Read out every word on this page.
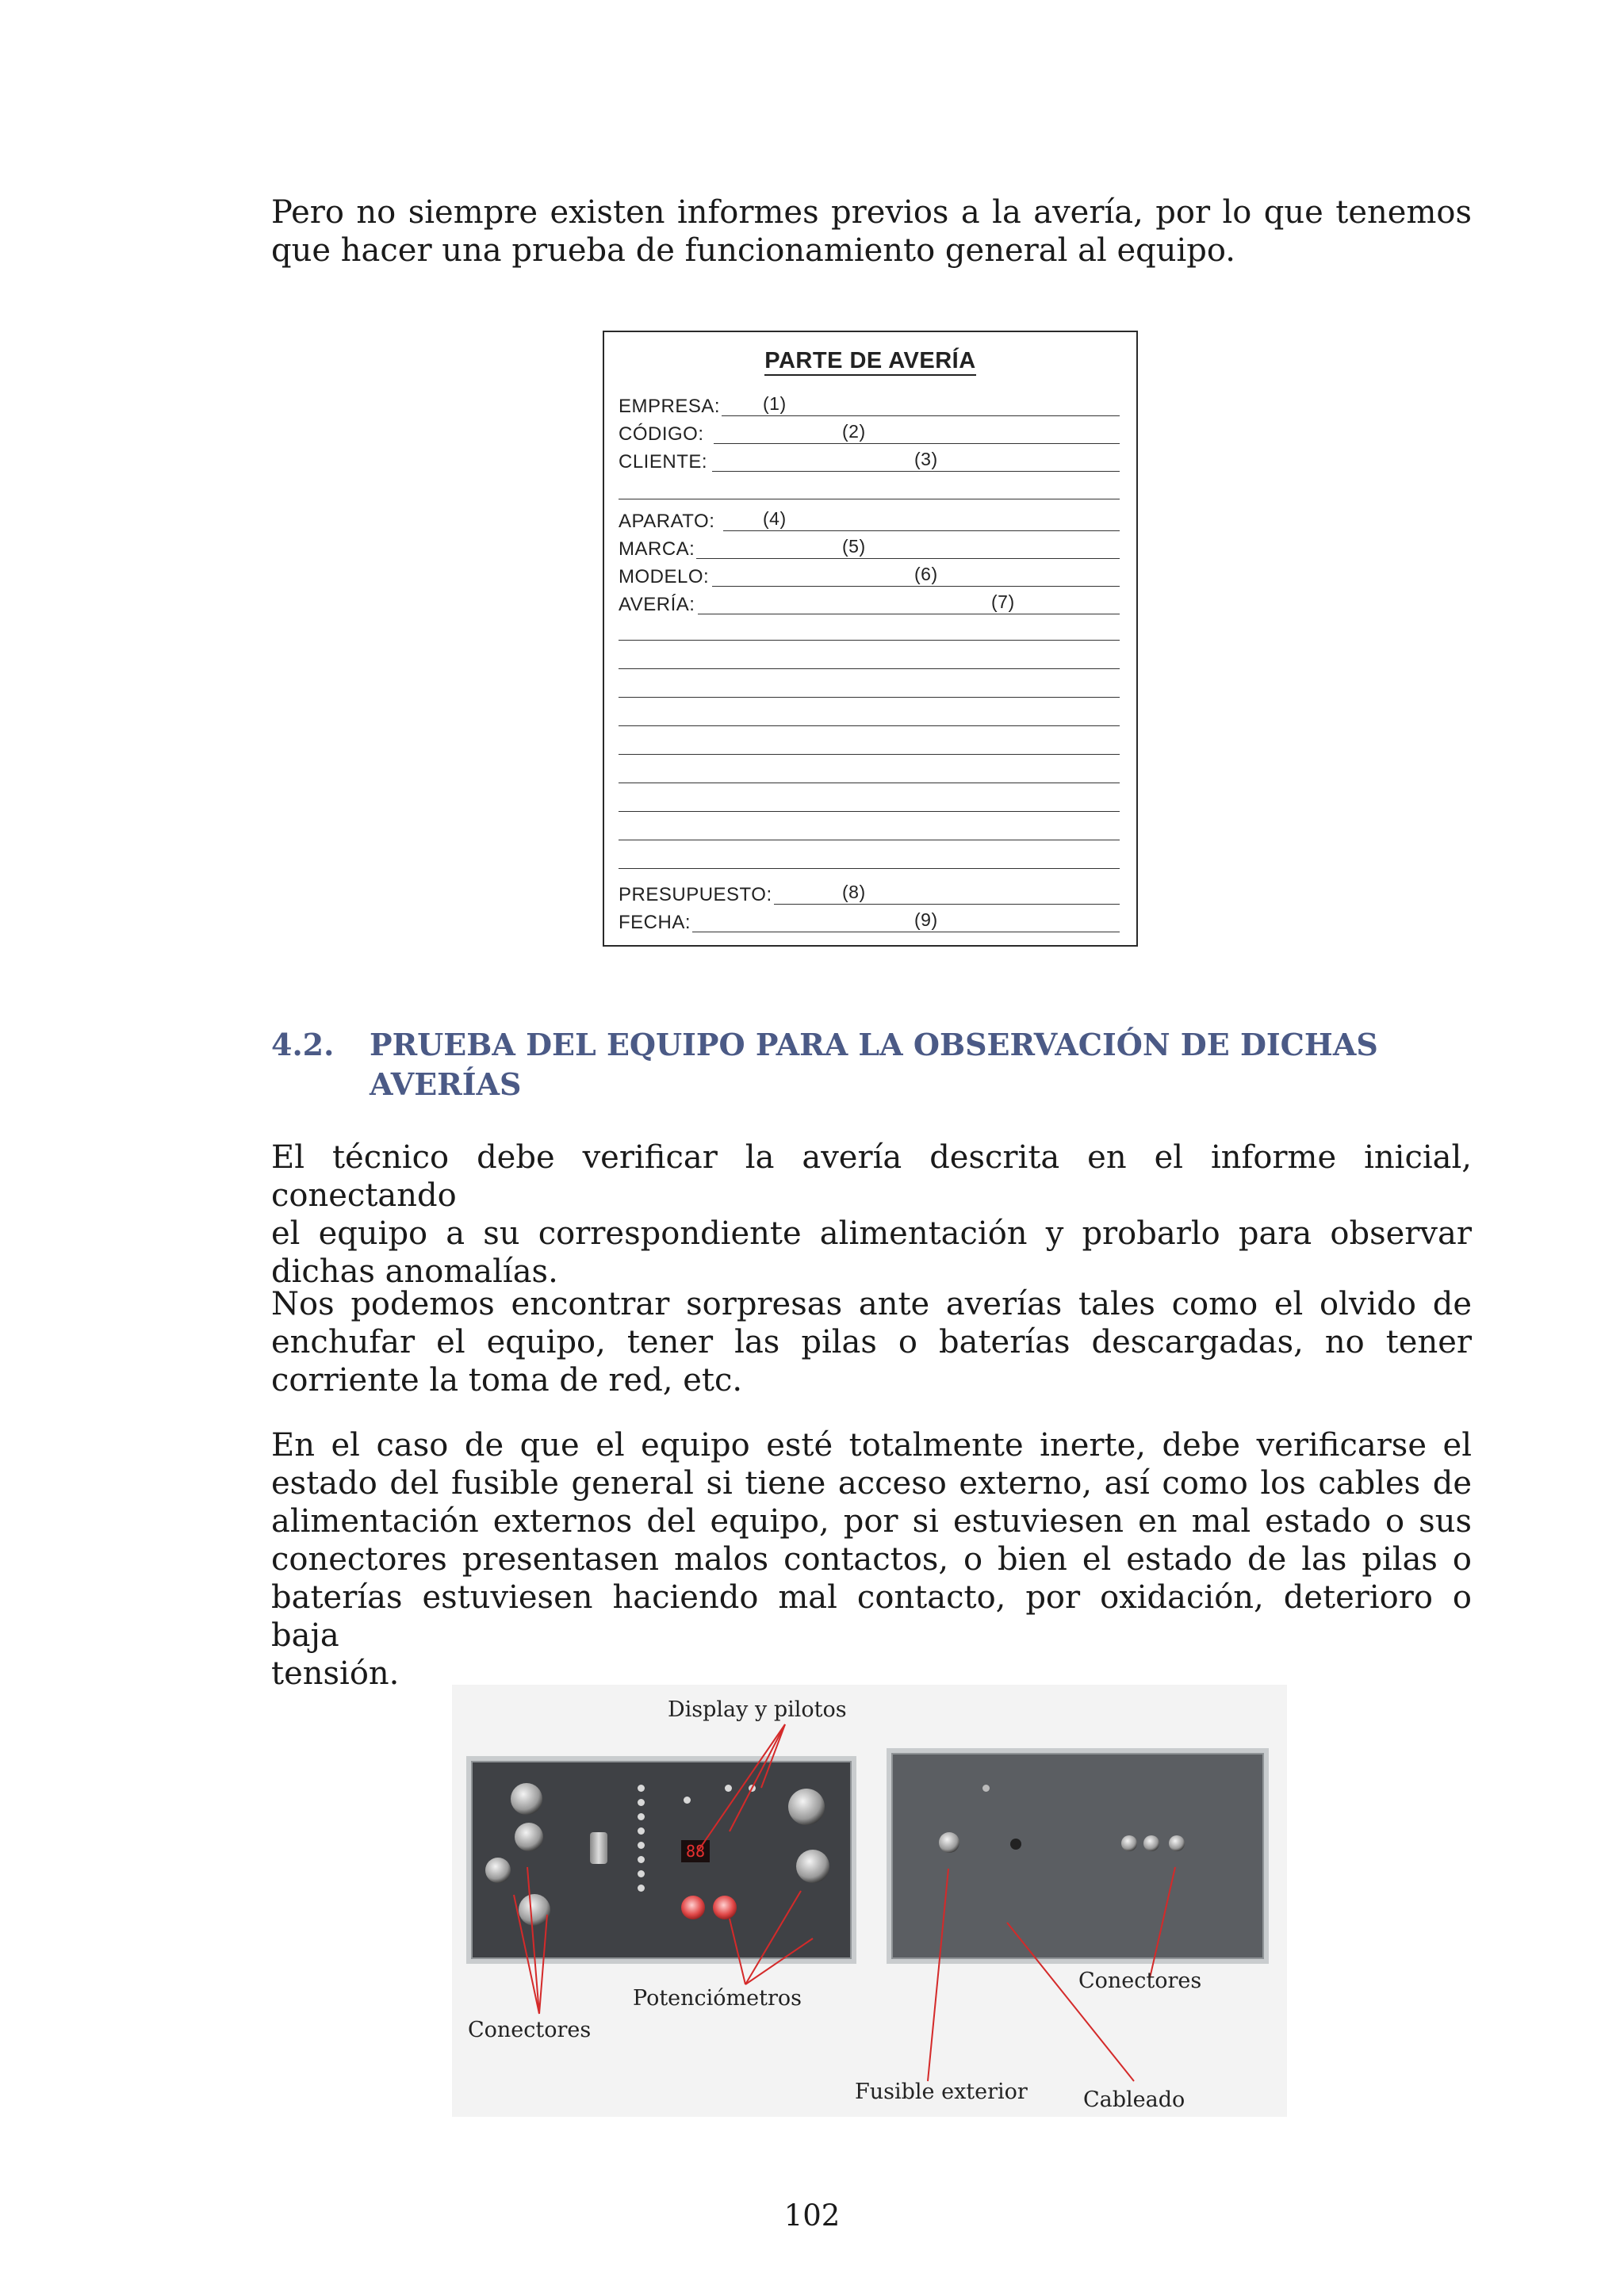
Pero no siempre existen informes previos a la avería, por lo que tenemos
que hacer una prueba de funcionamiento general al equipo.
PARTE DE AVERÍA
EMPRESA: (1)
CÓDIGO:	(2)
CLIENTE:	(3)
APARATO:	(4)
MARCA:	(5)
MODELO:	(6)
AVERÍA:	(7)
PRESUPUESTO:	(8)
FECHA:	(9)
4.2. PRUEBA DEL EQUIPO PARA LA OBSERVACIÓN DE DICHAS
AVERÍAS
El técnico debe verificar la avería descrita en el informe inicial, conectando
el equipo a su correspondiente alimentación y probarlo para observar
dichas anomalías.
Nos podemos encontrar sorpresas ante averías tales como el olvido de
enchufar el equipo, tener las pilas o baterías descargadas, no tener
corriente la toma de red, etc.
En el caso de que el equipo esté totalmente inerte, debe verificarse el
estado del fusible general si tiene acceso externo, así como los cables de
alimentación externos del equipo, por si estuviesen en mal estado o sus
conectores presentasen malos contactos, o bien el estado de las pilas o
baterías estuviesen haciendo mal contacto, por oxidación, deterioro o baja
tensión.
Display y pilotos
88
Conectores
Potenciómetros
Conectores
Fusible exterior	Cableado
102
